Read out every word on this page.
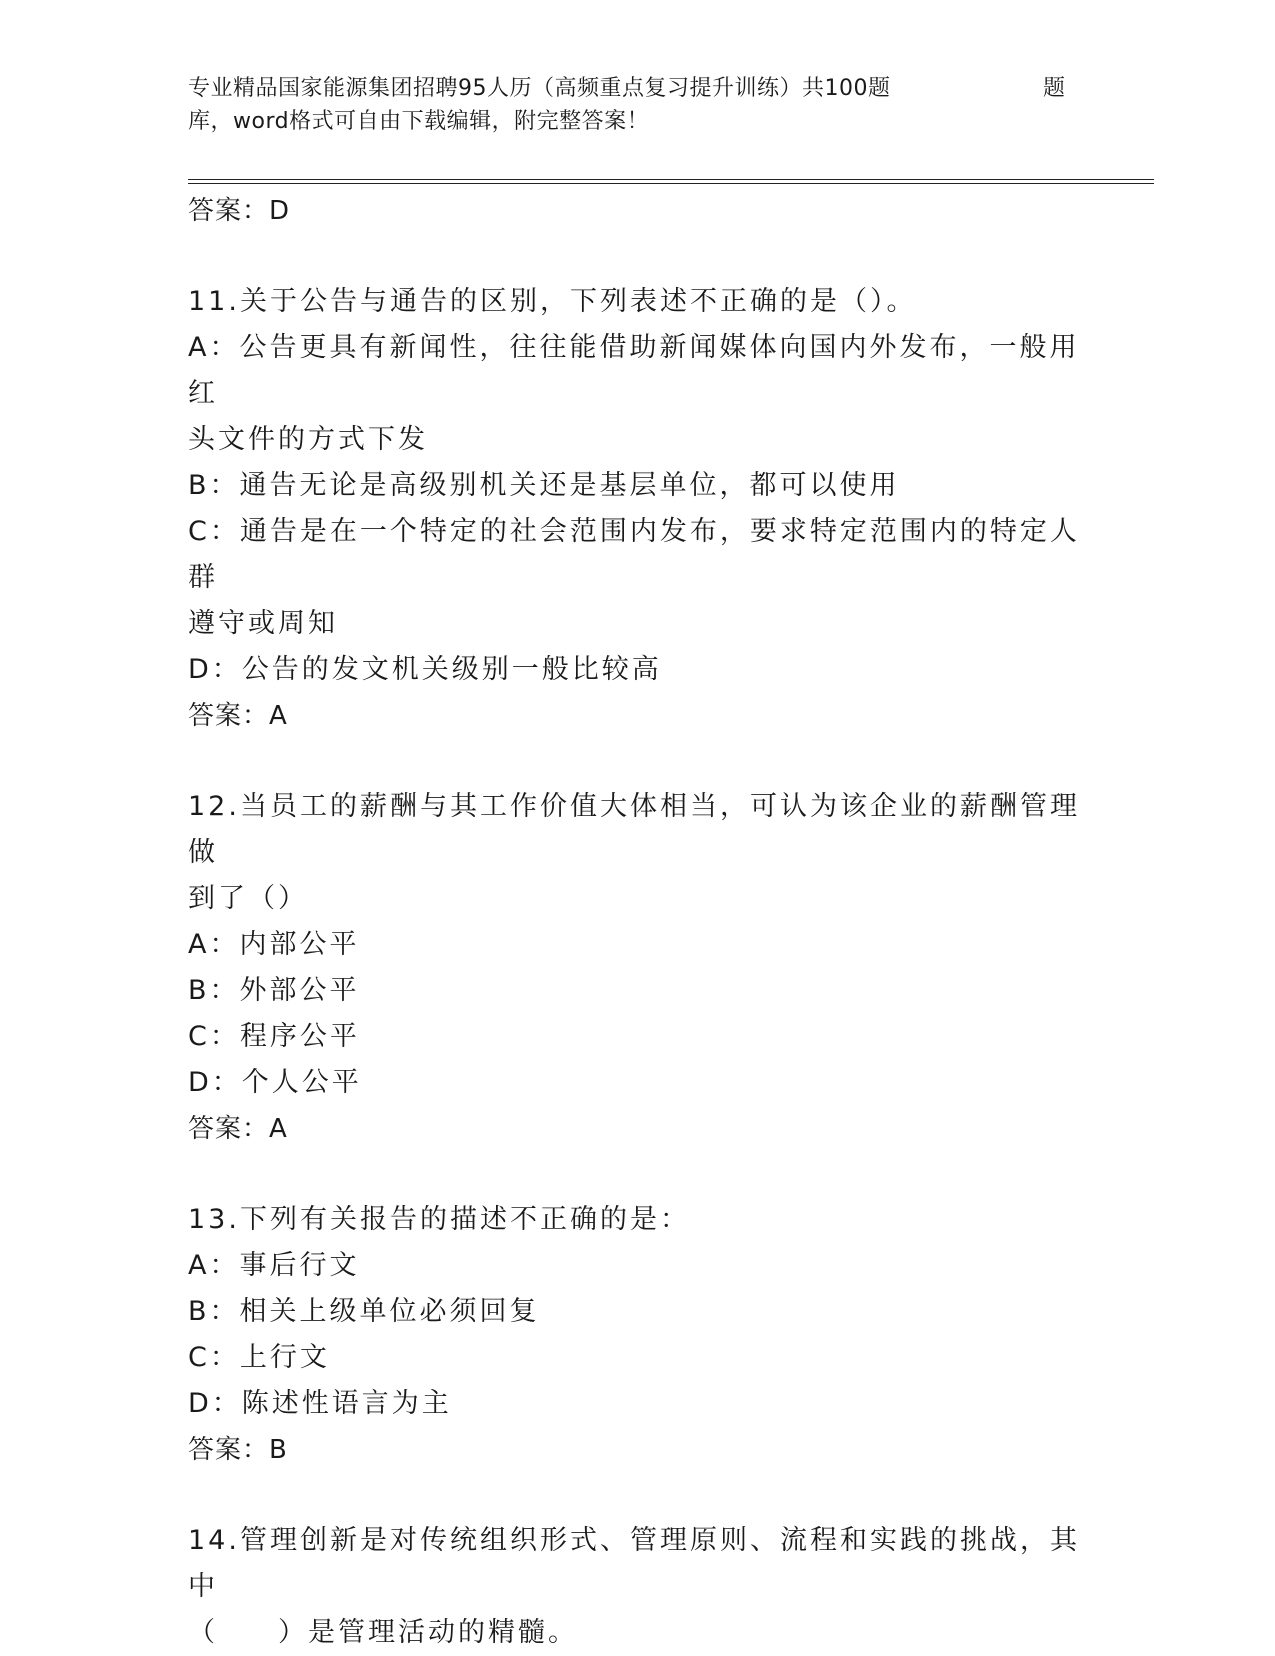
专业精品国家能源集团招聘95人历（高频重点复习提升训练）共100题	题
库，word格式可自由下载编辑，附完整答案！

答案：D

11.关于公告与通告的区别，下列表述不正确的是（）。

A：公告更具有新闻性，往往能借助新闻媒体向国内外发布，一般用红

头文件的方式下发

B：通告无论是高级别机关还是基层单位，都可以使用

C：通告是在一个特定的社会范围内发布，要求特定范围内的特定人群

遵守或周知

D：公告的发文机关级别一般比较高

答案：A

12.当员工的薪酬与其工作价值大体相当，可认为该企业的薪酬管理做

到了（）

A：内部公平

B：外部公平

C：程序公平

D：个人公平

答案：A

13.下列有关报告的描述不正确的是：

A：事后行文

B：相关上级单位必须回复

C：上行文

D：陈述性语言为主

答案：B

14.管理创新是对传统组织形式、管理原则、流程和实践的挑战，其中

（　　）是管理活动的精髓。
